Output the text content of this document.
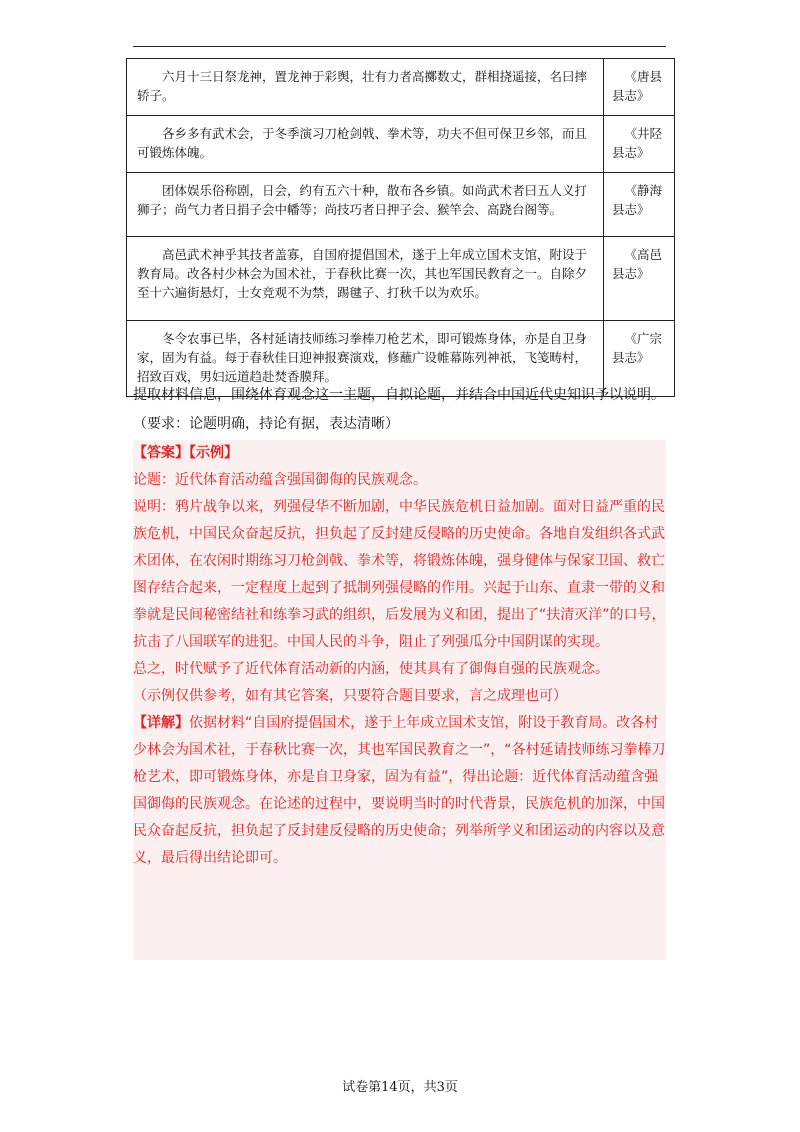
六月十三日祭龙神，置龙神于彩舆，壮有力者高擲数丈，群相挠遥接，名曰摔轿子。	《唐县县志》

各乡多有武术会，于冬季演习刀枪剑戟、拳术等，功夫不但可保卫乡邻，而且可锻炼体魄。	《井陉县志》

团体娱乐俗称剧，日会，约有五六十种，散布各乡镇。如尚武术者曰五人义打狮子；尚气力者日捐子会中幡等；尚技巧者日押子会、猴竿会、高跷台阁等。	《静海县志》

高邑武术神乎其技者盖寡，自国府提倡国术，遂于上年成立国术支馆，附设于教育局。改各村少林会为国术社，于春秋比赛一次，其也军国民教育之一。自除夕至十六遍街悬灯，士女竞观不为禁，踢毽子、打秋千以为欢乐。	《高邑县志》

冬令农事已毕，各村延请技师练习拳棒刀枪艺术，即可锻炼身体，亦是自卫身家，固为有益。每于春秋佳日迎神报赛演戏，修蘸广设帷幕陈列神祇，飞笺畴村，招致百戏，男妇远道趋赴焚香膜拜。	《广宗县志》
提取材料信息，围绕体育观念这一主题，自拟论题，并结合中国近代史知识予以说明。
（要求：论题明确，持论有据，表达清晰）

【答案】【示例】

论题：近代体育活动蕴含强国御侮的民族观念。

说明：鸦片战争以来，列强侵华不断加剧，中华民族危机日益加剧。面对日益严重的民族危机，中国民众奋起反抗，担负起了反封建反侵略的历史使命。各地自发组织各式武术团体，在农闲时期练习刀枪剑戟、拳术等，将锻炼体魄，强身健体与保家卫国、救亡图存结合起来，一定程度上起到了抵制列强侵略的作用。兴起于山东、直隶一带的义和拳就是民间秘密结社和练拳习武的组织，后发展为义和团，提出了“扶清灭洋”的口号，抗击了八国联军的进犯。中国人民的斗争，阻止了列强瓜分中国阴谋的实现。

总之，时代赋予了近代体育活动新的内涵，使其具有了御侮自强的民族观念。

（示例仅供参考，如有其它答案，只要符合题目要求，言之成理也可）

【详解】依据材料“自国府提倡国术，遂于上年成立国术支馆，附设于教育局。改各村少林会为国术社，于春秋比赛一次，其也军国民教育之一”，“各村延请技师练习拳棒刀枪艺术，即可锻炼身体，亦是自卫身家，固为有益”，得出论题：近代体育活动蕴含强国御侮的民族观念。在论述的过程中，要说明当时的时代背景，民族危机的加深，中国民众奋起反抗，担负起了反封建反侵略的历史使命；列举所学义和团运动的内容以及意义，最后得出结论即可。

试卷第14页，共3页
